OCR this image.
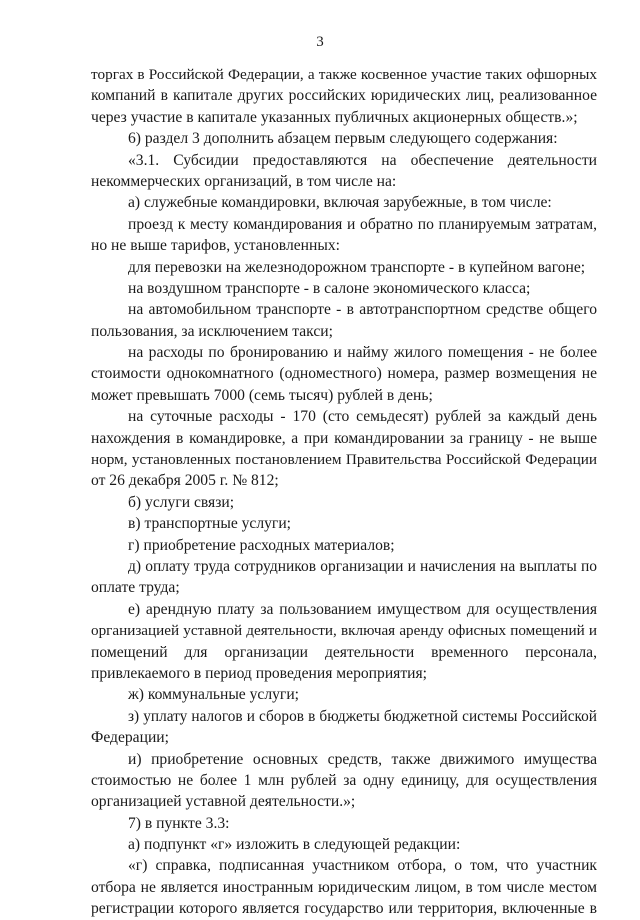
3
торгах в Российской Федерации, а также косвенное участие таких офшорных
компаний в капитале других российских юридических лиц, реализованное
через участие в капитале указанных публичных акционерных обществ.»;
6) раздел 3 дополнить абзацем первым следующего содержания:
«3.1. Субсидии предоставляются на обеспечение деятельности
некоммерческих организаций, в том числе на:
а) служебные командировки, включая зарубежные, в том числе:
проезд к месту командирования и обратно по планируемым затратам,
но не выше тарифов, установленных:
для перевозки на железнодорожном транспорте - в купейном вагоне;
на воздушном транспорте - в салоне экономического класса;
на автомобильном транспорте - в автотранспортном средстве общего
пользования, за исключением такси;
на расходы по бронированию и найму жилого помещения - не более
стоимости однокомнатного (одноместного) номера, размер возмещения не
может превышать 7000 (семь тысяч) рублей в день;
на суточные расходы - 170 (сто семьдесят) рублей за каждый день
нахождения в командировке, а при командировании за границу - не выше
норм, установленных постановлением Правительства Российской Федерации
от 26 декабря 2005 г. № 812;
б) услуги связи;
в) транспортные услуги;
г) приобретение расходных материалов;
д) оплату труда сотрудников организации и начисления на выплаты по
оплате труда;
е) арендную плату за пользованием имуществом для осуществления
организацией уставной деятельности, включая аренду офисных помещений и
помещений для организации деятельности временного персонала,
привлекаемого в период проведения мероприятия;
ж) коммунальные услуги;
з) уплату налогов и сборов в бюджеты бюджетной системы Российской
Федерации;
и) приобретение основных средств, также движимого имущества
стоимостью не более 1 млн рублей за одну единицу, для осуществления
организацией уставной деятельности.»;
7) в пункте 3.3:
а) подпункт «г» изложить в следующей редакции:
«г) справка, подписанная участником отбора, о том, что участник
отбора не является иностранным юридическим лицом, в том числе местом
регистрации которого является государство или территория, включенные в
